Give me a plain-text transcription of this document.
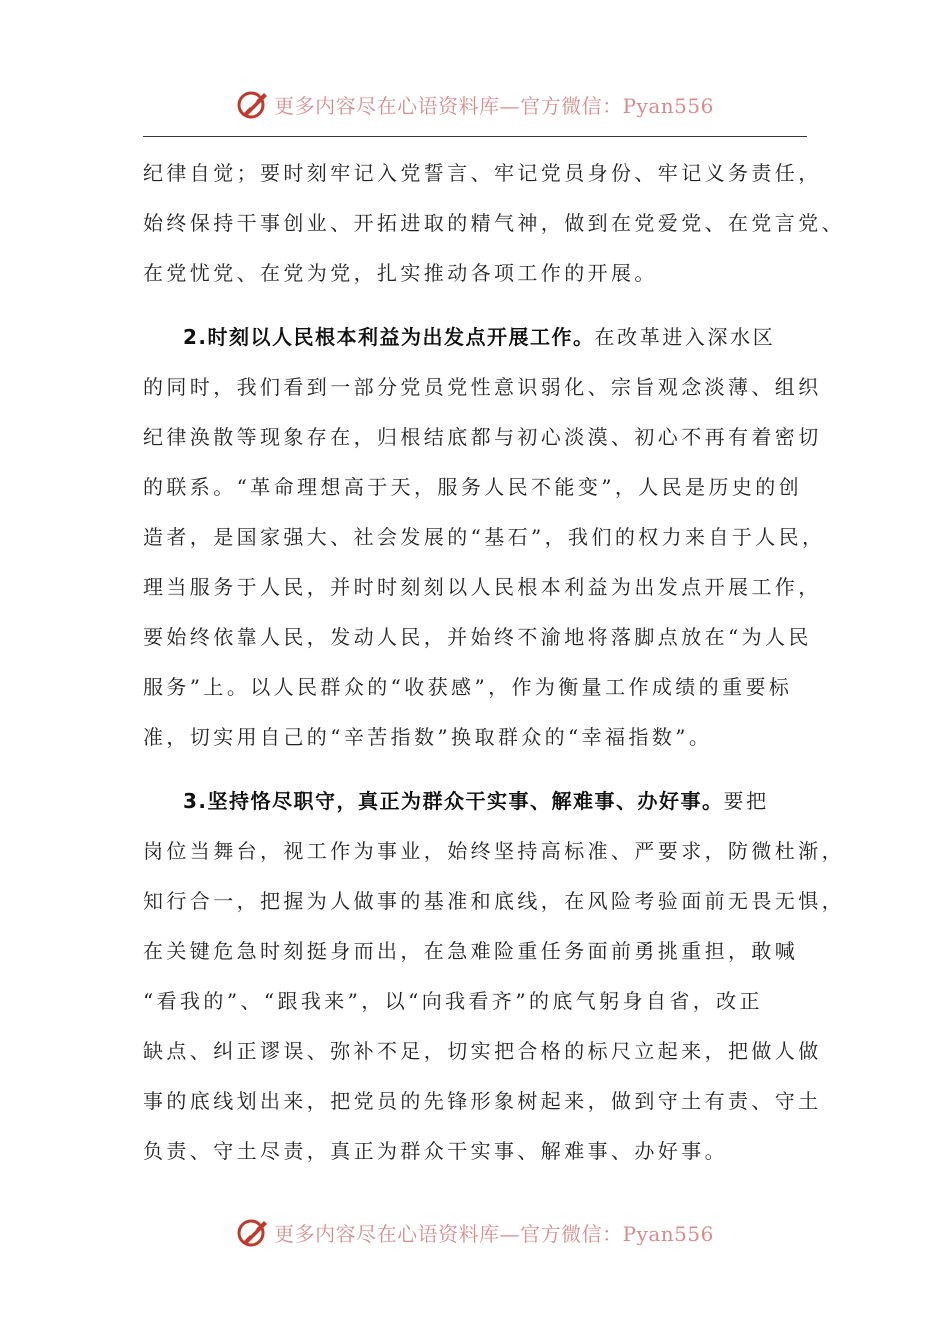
更多内容尽在心语资料库—官方微信：Pyan556
纪律自觉；要时刻牢记入党誓言、牢记党员身份、牢记义务责任，
始终保持干事创业、开拓进取的精气神，做到在党爱党、在党言党、
在党忧党、在党为党，扎实推动各项工作的开展。
2.时刻以人民根本利益为出发点开展工作。在改革进入深水区
的同时，我们看到一部分党员党性意识弱化、宗旨观念淡薄、组织
纪律涣散等现象存在，归根结底都与初心淡漠、初心不再有着密切
的联系。“革命理想高于天，服务人民不能变”，人民是历史的创
造者，是国家强大、社会发展的“基石”，我们的权力来自于人民，
理当服务于人民，并时时刻刻以人民根本利益为出发点开展工作，
要始终依靠人民，发动人民，并始终不渝地将落脚点放在“为人民
服务”上。以人民群众的“收获感”，作为衡量工作成绩的重要标
准，切实用自己的“辛苦指数”换取群众的“幸福指数”。
3.坚持恪尽职守，真正为群众干实事、解难事、办好事。要把
岗位当舞台，视工作为事业，始终坚持高标准、严要求，防微杜渐，
知行合一，把握为人做事的基准和底线，在风险考验面前无畏无惧，
在关键危急时刻挺身而出，在急难险重任务面前勇挑重担，敢喊
“看我的”、“跟我来”，以“向我看齐”的底气躬身自省，改正
缺点、纠正谬误、弥补不足，切实把合格的标尺立起来，把做人做
事的底线划出来，把党员的先锋形象树起来，做到守土有责、守土
负责、守土尽责，真正为群众干实事、解难事、办好事。
更多内容尽在心语资料库—官方微信：Pyan556
